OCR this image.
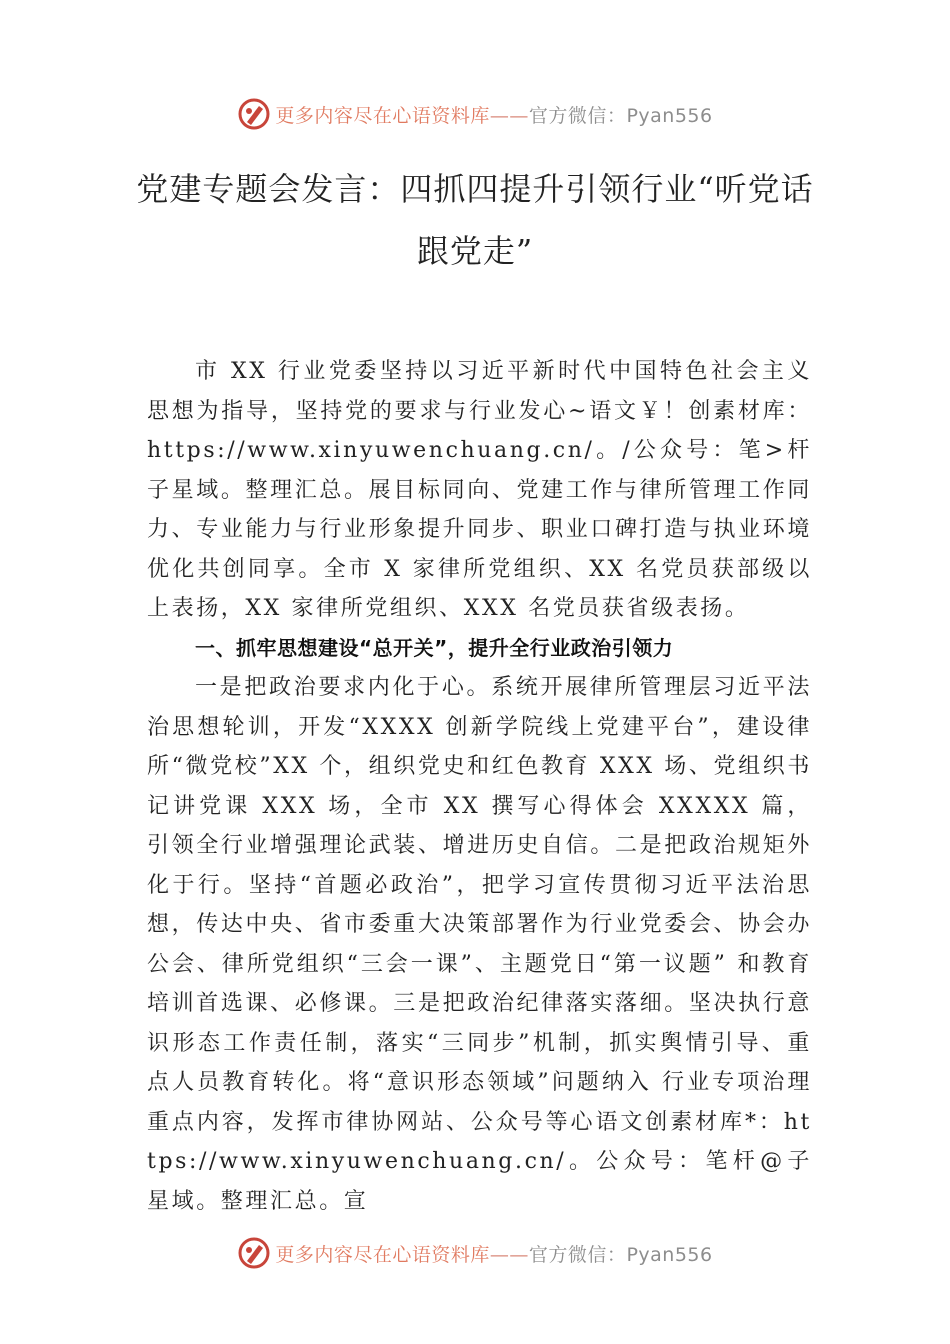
更多内容尽在心语资料库——官方微信：Pyan556
党建专题会发言：四抓四提升引领行业“听党话跟党走”

市 XX 行业党委坚持以习近平新时代中国特色社会主义思想为指导，坚持党的要求与行业发心~语文￥！创素材库：https://www.xinyuwenchuang.cn/。/公众号：笔>杆子星域。整理汇总。展目标同向、党建工作与律所管理工作同力、专业能力与行业形象提升同步、职业口碑打造与执业环境优化共创同享。全市 X 家律所党组织、XX 名党员获部级以上表扬，XX 家律所党组织、XXX 名党员获省级表扬。

一、抓牢思想建设“总开关”，提升全行业政治引领力

一是把政治要求内化于心。系统开展律所管理层习近平法治思想轮训，开发“XXXX 创新学院线上党建平台”，建设律所“微党校”XX 个，组织党史和红色教育 XXX 场、党组织书记讲党课 XXX 场，全市 XX 撰写心得体会 XXXXX 篇， 引领全行业增强理论武装、增进历史自信。二是把政治规矩外化于行。坚持“首题必政治”，把学习宣传贯彻习近平法治思想，传达中央、省市委重大决策部署作为行业党委会、协会办公会、律所党组织“三会一课”、主题党日“第一议题” 和教育培训首选课、必修课。三是把政治纪律落实落细。坚决执行意识形态工作责任制，落实“三同步”机制，抓实舆情引导、重点人员教育转化。将“意识形态领域”问题纳入 行业专项治理重点内容，发挥市律协网站、公众号等心语文创素材库*：https://www.xinyuwenchuang.cn/。公众号：笔杆@子星域。整理汇总。宣

更多内容尽在心语资料库——官方微信：Pyan556
